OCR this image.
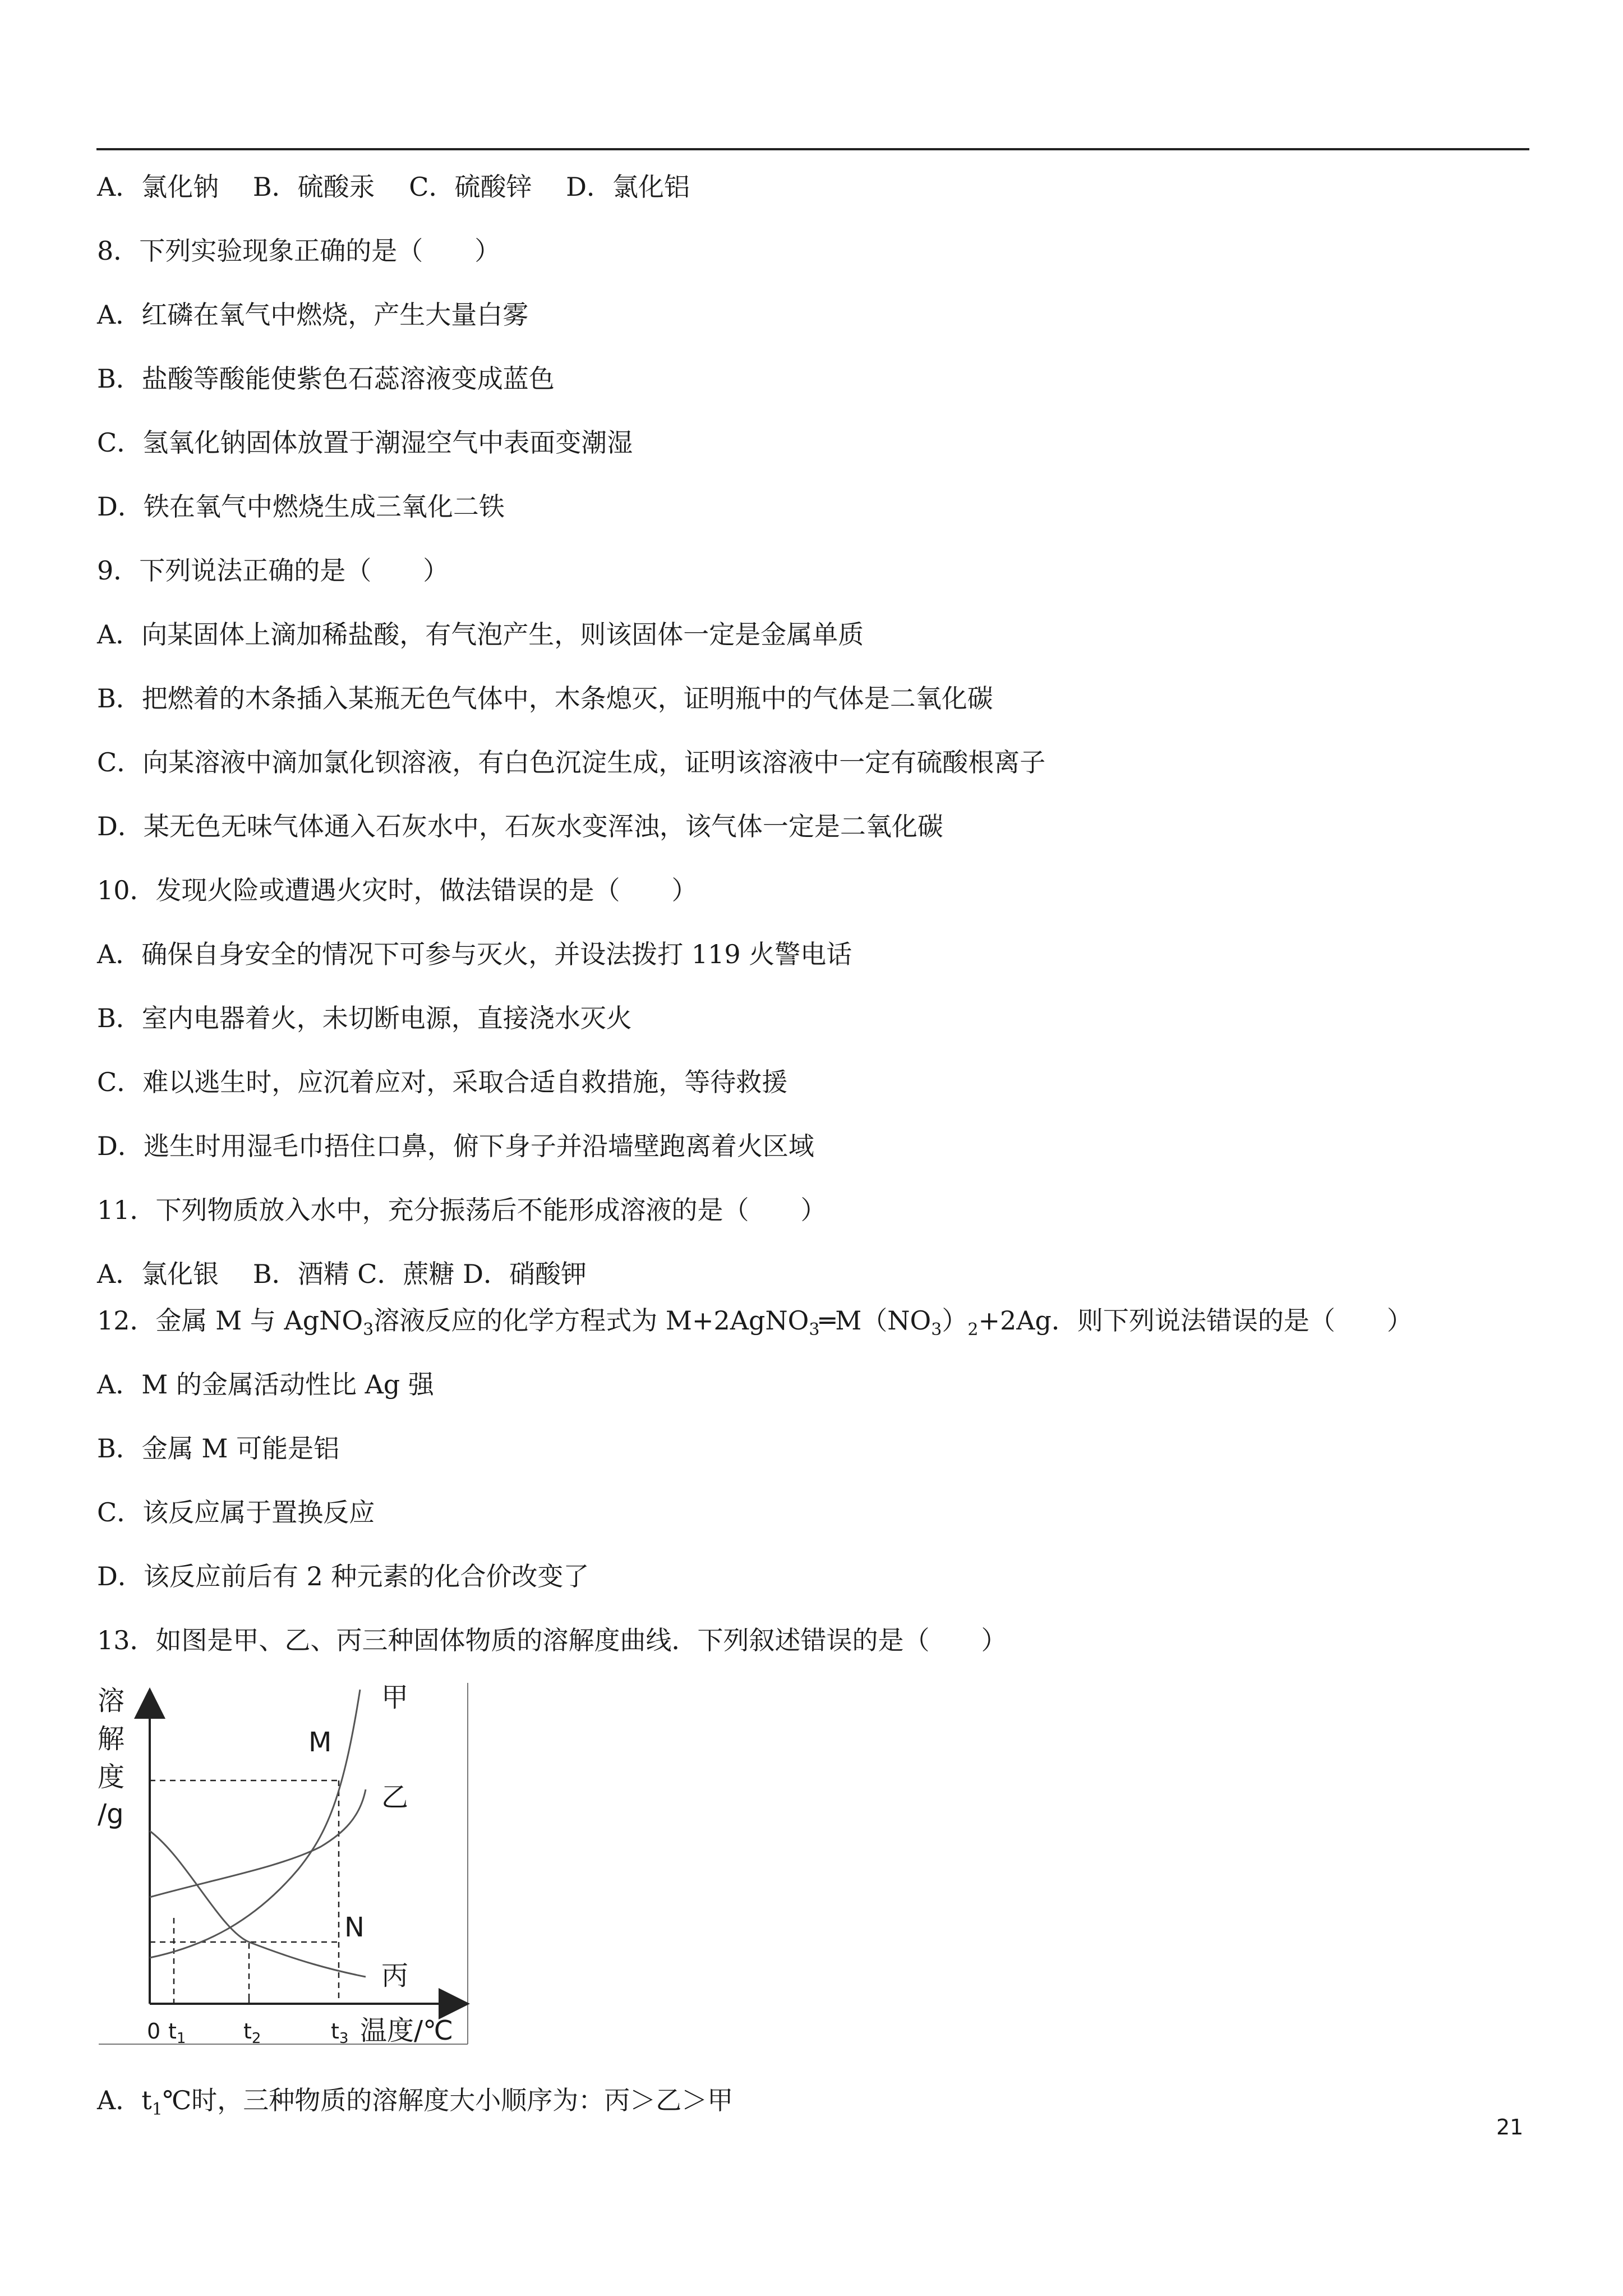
A．氯化钠　 B．硫酸汞　 C．硫酸锌　 D．氯化铝

8．下列实验现象正确的是（　　）

A．红磷在氧气中燃烧，产生大量白雾

B．盐酸等酸能使紫色石蕊溶液变成蓝色

C．氢氧化钠固体放置于潮湿空气中表面变潮湿

D．铁在氧气中燃烧生成三氧化二铁

9．下列说法正确的是（　　）

A．向某固体上滴加稀盐酸，有气泡产生，则该固体一定是金属单质

B．把燃着的木条插入某瓶无色气体中，木条熄灭，证明瓶中的气体是二氧化碳

C．向某溶液中滴加氯化钡溶液，有白色沉淀生成，证明该溶液中一定有硫酸根离子

D．某无色无味气体通入石灰水中，石灰水变浑浊，该气体一定是二氧化碳

10．发现火险或遭遇火灾时，做法错误的是（　　）

A．确保自身安全的情况下可参与灭火，并设法拨打 119 火警电话

B．室内电器着火，未切断电源，直接浇水灭火

C．难以逃生时，应沉着应对，采取合适自救措施，等待救援

D．逃生时用湿毛巾捂住口鼻，俯下身子并沿墙壁跑离着火区域

11．下列物质放入水中，充分振荡后不能形成溶液的是（　　）

A．氯化银　 B．酒精 C．蔗糖 D．硝酸钾

12．金属 M 与 AgNO$_3$溶液反应的化学方程式为 $M+2AgNO_3═M(NO_3)_2+2Ag$．则下列说法错误的是（　　）

A．M 的金属活动性比 Ag 强

B．金属 M 可能是铝

C．该反应属于置换反应

D．该反应前后有 2 种元素的化合价改变了

13．如图是甲、乙、丙三种固体物质的溶解度曲线．下列叙述错误的是（　　）

溶
解
度
/g
甲
M
乙
N
丙
0 $t_1$	$t_2$	$t_3$ 温度/℃

A．$t_1℃$时，三种物质的溶解度大小顺序为：丙＞乙＞甲

21
